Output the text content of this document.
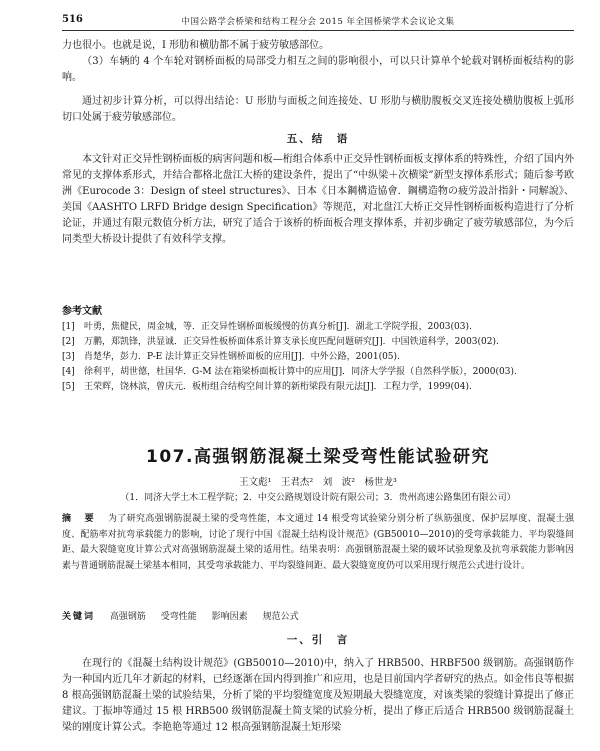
516	中国公路学会桥梁和结构工程分会 2015 年全国桥梁学术会议论文集

力也很小。也就是说，I 形肋和横肋都不属于疲劳敏感部位。

（3）车辆的 4 个车轮对钢桥面板的局部受力相互之间的影响很小，可以只计算单个轮载对钢桥面板结构的影响。

通过初步计算分析，可以得出结论：U 形肋与面板之间连接处、U 形肋与横肋腹板交叉连接处横肋腹板上弧形切口处属于疲劳敏感部位。

五、结　语

本文针对正交异性钢桥面板的病害问题和板—桁组合体系中正交异性钢桥面板支撑体系的特殊性，介绍了国内外常见的支撑体系形式，并结合都格北盘江大桥的建设条件，提出了“中纵梁＋次横梁”新型支撑体系形式；随后参考欧洲《Eurocode 3：Design of steel structures》、日本《日本鋼構造協會．鋼構造物の疲労設計指針・同解說》、美国《AASHTO LRFD Bridge design Specification》等规范，对北盘江大桥正交异性钢桥面板构造进行了分析论证，并通过有限元数值分析方法，研究了适合于该桥的桥面板合理支撑体系，并初步确定了疲劳敏感部位，为今后同类型大桥设计提供了有效科学支撑。

参考文献

[1] 叶勇，焦健民，周金城，等．正交异性钢桥面板缓慢的仿真分析[J]．湖北工学院学报，2003(03).

[2] 万鹏，郑凯锋，洪显诚．正交异性板桥面体系计算支承长度匹配问题研究[J]．中国铁道科学，2003(02).

[3] 肖楚华，彭力．P-E 法计算正交异性钢桥面板的应用[J]．中外公路，2001(05).

[4] 徐利平，胡世德，杜国华．G-M 法在箱梁桥面板计算中的应用[J]．同济大学学报（自然科学版），2000(03).

[5] 王荣辉，饶林滨，曾庆元．板桁组合结构空间计算的新桁梁段有限元法[J]．工程力学，1999(04).

107.高强钢筋混凝土梁受弯性能试验研究
王文彪¹　王君杰²　刘　波²　杨世龙³
（1．同济大学土木工程学院；2．中交公路规划设计院有限公司；3．贵州高速公路集团有限公司）
摘　要 为了研究高强钢筋混凝土梁的受弯性能，本文通过 14 根受弯试验梁分别分析了纵筋强度、保护层厚度、混凝土强度、配筋率对抗弯承载能力的影响，讨论了现行中国《混凝土结构设计规范》(GB50010—2010)的受弯承载能力、平均裂缝间距、最大裂缝宽度计算公式对高强钢筋混凝土梁的适用性。结果表明：高强钢筋混凝土梁的破坏试验现象及抗弯承载能力影响因素与普通钢筋混凝土梁基本相同，其受弯承载能力、平均裂缝间距、最大裂缝宽度仍可以采用现行规范公式进行设计。
关键词 高强钢筋 受弯性能 影响因素 规范公式
一、引　言

在现行的《混凝土结构设计规范》(GB50010—2010)中，纳入了 HRB500、HRBF500 级钢筋。高强钢筋作为一种国内近几年才新起的材料，已经逐渐在国内得到推广和应用，也是目前国内学者研究的热点。如金伟良等根据 8 根高强钢筋混凝土梁的试验结果，分析了梁的平均裂缝宽度及短期最大裂缝宽度，对该类梁的裂缝计算提出了修正建议。丁振坤等通过 15 根 HRB500 级钢筋混凝土简支梁的试验分析，提出了修正后适合 HRB500 级钢筋混凝土梁的刚度计算公式。李艳艳等通过 12 根高强钢筋混凝土矩形梁
